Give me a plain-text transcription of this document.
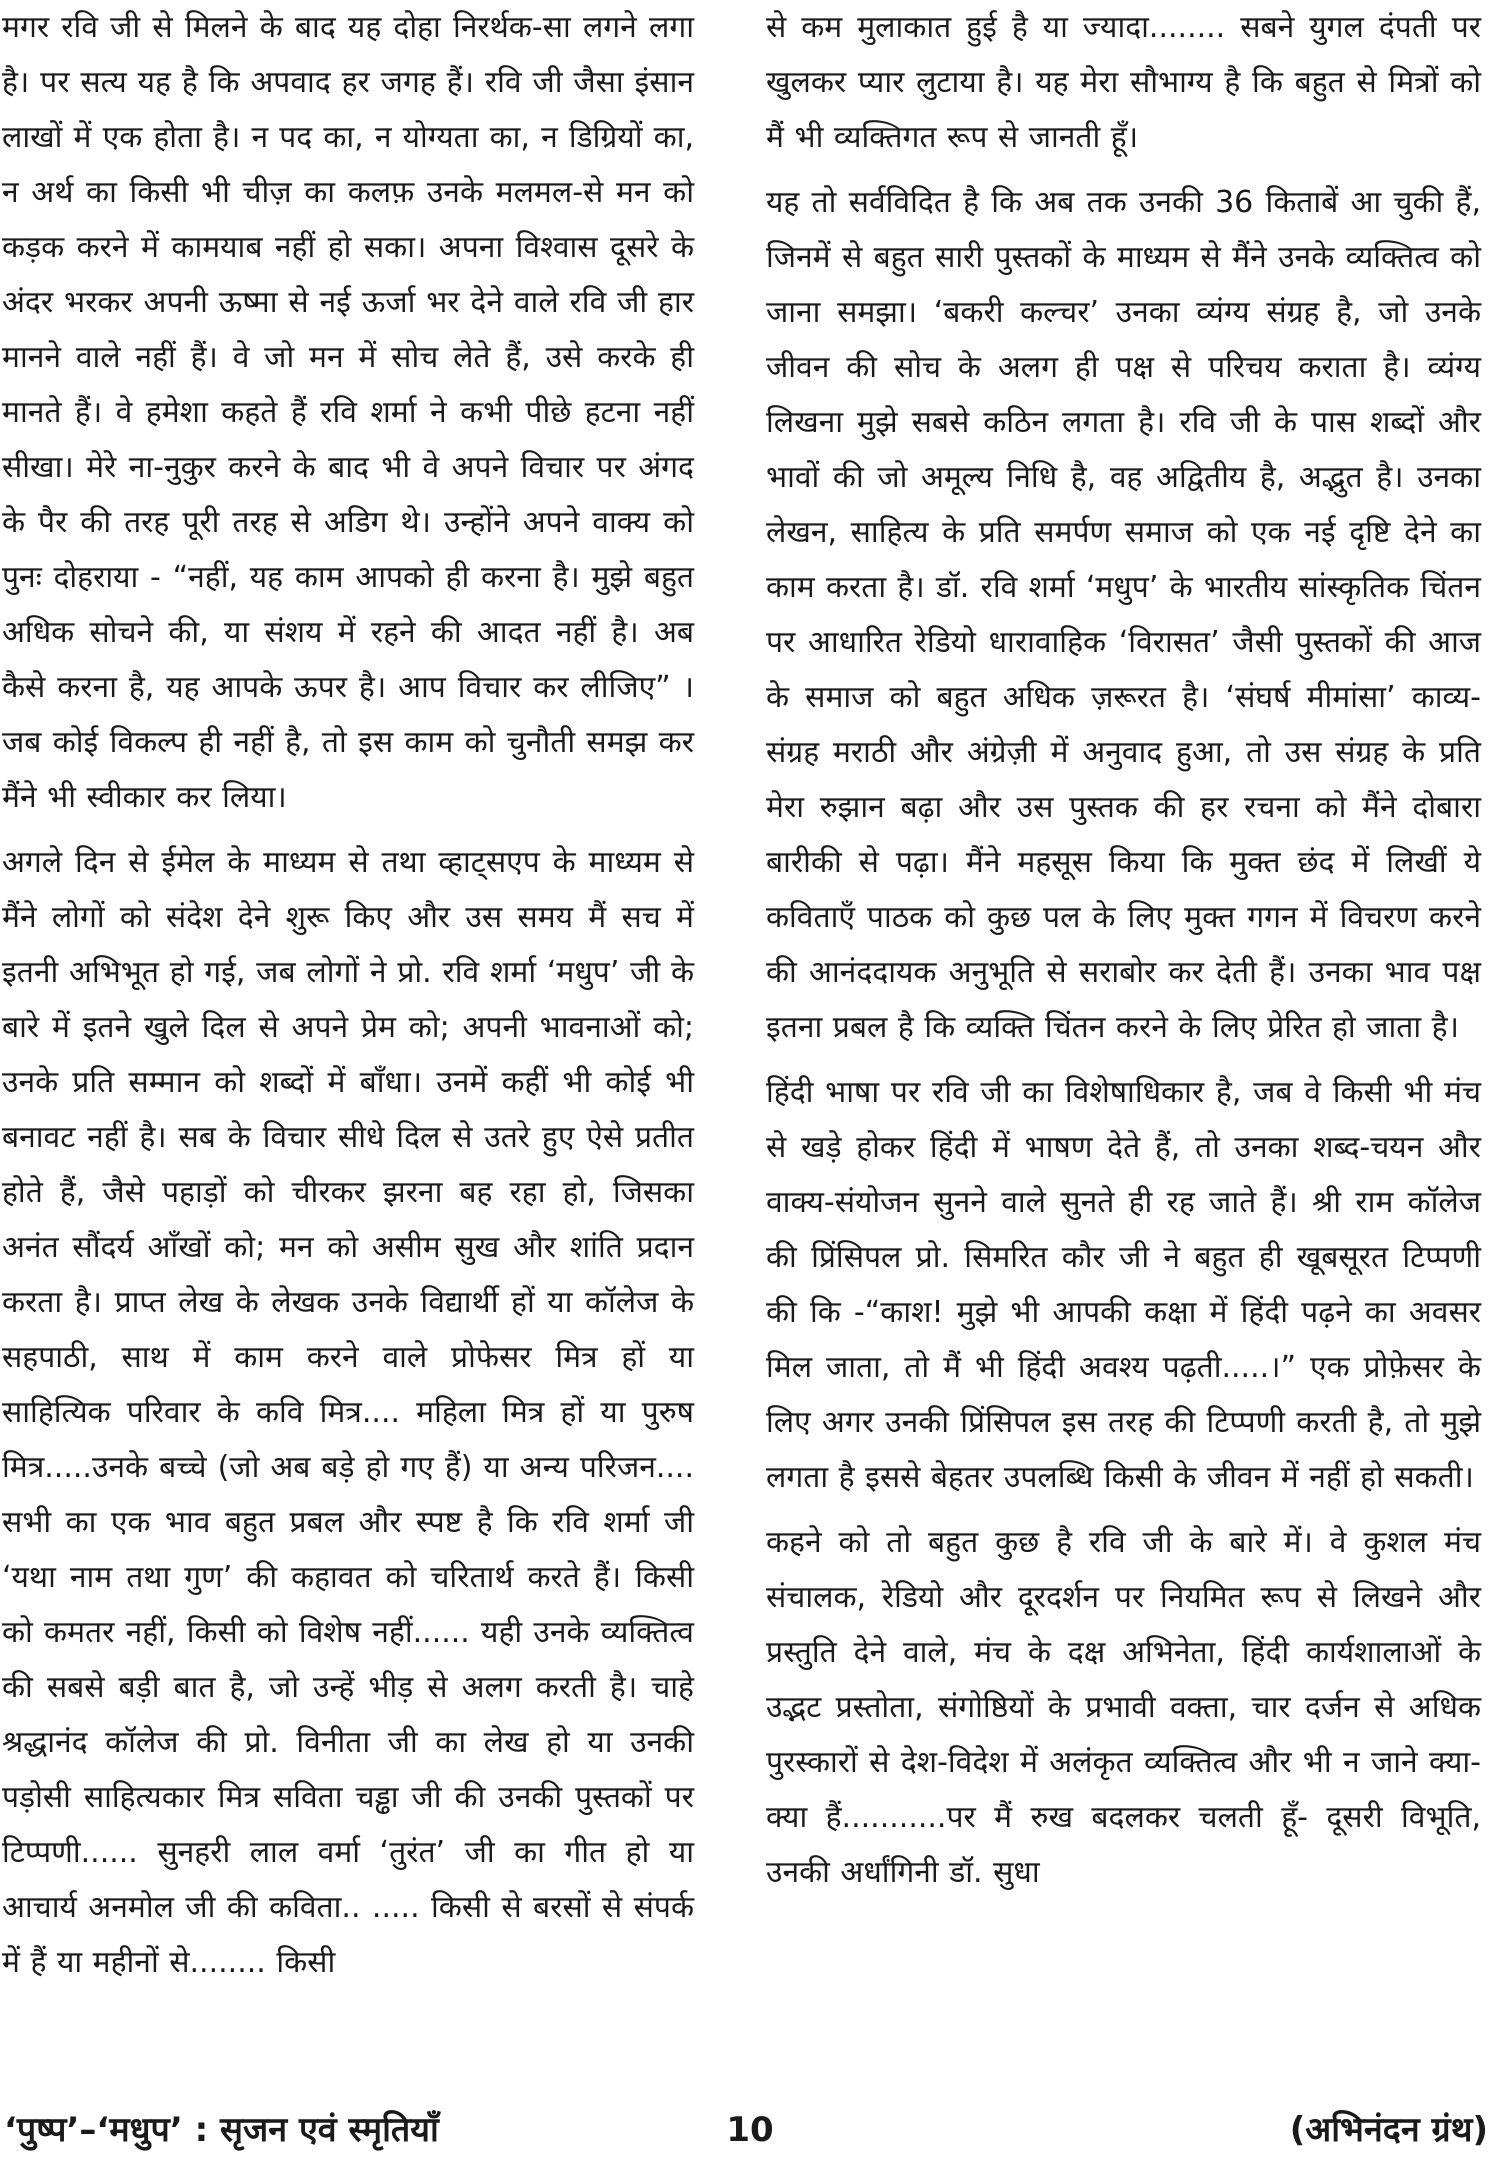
मगर रवि जी से मिलने के बाद यह दोहा निरर्थक-सा लगने लगा है। पर सत्य यह है कि अपवाद हर जगह हैं। रवि जी जैसा इंसान लाखों में एक होता है। न पद का, न योग्यता का, न डिग्रियों का, न अर्थ का किसी भी चीज़ का कलफ़ उनके मलमल-से मन को कड़क करने में कामयाब नहीं हो सका। अपना विश्वास दूसरे के अंदर भरकर अपनी ऊष्मा से नई ऊर्जा भर देने वाले रवि जी हार मानने वाले नहीं हैं। वे जो मन में सोच लेते हैं, उसे करके ही मानते हैं। वे हमेशा कहते हैं रवि शर्मा ने कभी पीछे हटना नहीं सीखा। मेरे ना-नुकुर करने के बाद भी वे अपने विचार पर अंगद के पैर की तरह पूरी तरह से अडिग थे। उन्होंने अपने वाक्य को पुनः दोहराया - “नहीं, यह काम आपको ही करना है। मुझे बहुत अधिक सोचने की, या संशय में रहने की आदत नहीं है। अब कैसे करना है, यह आपके ऊपर है। आप विचार कर लीजिए” । जब कोई विकल्प ही नहीं है, तो इस काम को चुनौती समझ कर मैंने भी स्वीकार कर लिया।

अगले दिन से ईमेल के माध्यम से तथा व्हाट्सएप के माध्यम से मैंने लोगों को संदेश देने शुरू किए और उस समय मैं सच में इतनी अभिभूत हो गई, जब लोगों ने प्रो. रवि शर्मा ‘मधुप’ जी के बारे में इतने खुले दिल से अपने प्रेम को; अपनी भावनाओं को; उनके प्रति सम्मान को शब्दों में बाँधा। उनमें कहीं भी कोई भी बनावट नहीं है। सब के विचार सीधे दिल से उतरे हुए ऐसे प्रतीत होते हैं, जैसे पहाड़ों को चीरकर झरना बह रहा हो, जिसका अनंत सौंदर्य आँखों को; मन को असीम सुख और शांति प्रदान करता है। प्राप्त लेख के लेखक उनके विद्यार्थी हों या कॉलेज के सहपाठी, साथ में काम करने वाले प्रोफेसर मित्र हों या साहित्यिक परिवार के कवि मित्र.... महिला मित्र हों या पुरुष मित्र.....उनके बच्चे (जो अब बड़े हो गए हैं) या अन्य परिजन.... सभी का एक भाव बहुत प्रबल और स्पष्ट है कि रवि शर्मा जी ‘यथा नाम तथा गुण’ की कहावत को चरितार्थ करते हैं। किसी को कमतर नहीं, किसी को विशेष नहीं...... यही उनके व्यक्तित्व की सबसे बड़ी बात है, जो उन्हें भीड़ से अलग करती है। चाहे श्रद्धानंद कॉलेज की प्रो. विनीता जी का लेख हो या उनकी पड़ोसी साहित्यकार मित्र सविता चड्ढा जी की उनकी पुस्तकों पर टिप्पणी...... सुनहरी लाल वर्मा ‘तुरंत’ जी का गीत हो या आचार्य अनमोल जी की कविता.. ..... किसी से बरसों से संपर्क में हैं या महीनों से........ किसी

से कम मुलाकात हुई है या ज्यादा........ सबने युगल दंपती पर खुलकर प्यार लुटाया है। यह मेरा सौभाग्य है कि बहुत से मित्रों को मैं भी व्यक्तिगत रूप से जानती हूँ।

यह तो सर्वविदित है कि अब तक उनकी 36 किताबें आ चुकी हैं, जिनमें से बहुत सारी पुस्तकों के माध्यम से मैंने उनके व्यक्तित्व को जाना समझा। ‘बकरी कल्चर’ उनका व्यंग्य संग्रह है, जो उनके जीवन की सोच के अलग ही पक्ष से परिचय कराता है। व्यंग्य लिखना मुझे सबसे कठिन लगता है। रवि जी के पास शब्दों और भावों की जो अमूल्य निधि है, वह अद्वितीय है, अद्भुत है। उनका लेखन, साहित्य के प्रति समर्पण समाज को एक नई दृष्टि देने का काम करता है। डॉ. रवि शर्मा ‘मधुप’ के भारतीय सांस्कृतिक चिंतन पर आधारित रेडियो धारावाहिक ‘विरासत’ जैसी पुस्तकों की आज के समाज को बहुत अधिक ज़रूरत है। ‘संघर्ष मीमांसा’ काव्य-संग्रह मराठी और अंग्रेज़ी में अनुवाद हुआ, तो उस संग्रह के प्रति मेरा रुझान बढ़ा और उस पुस्तक की हर रचना को मैंने दोबारा बारीकी से पढ़ा। मैंने महसूस किया कि मुक्त छंद में लिखीं ये कविताएँ पाठक को कुछ पल के लिए मुक्त गगन में विचरण करने की आनंददायक अनुभूति से सराबोर कर देती हैं। उनका भाव पक्ष इतना प्रबल है कि व्यक्ति चिंतन करने के लिए प्रेरित हो जाता है।

हिंदी भाषा पर रवि जी का विशेषाधिकार है, जब वे किसी भी मंच से खड़े होकर हिंदी में भाषण देते हैं, तो उनका शब्द-चयन और वाक्य-संयोजन सुनने वाले सुनते ही रह जाते हैं। श्री राम कॉलेज की प्रिंसिपल प्रो. सिमरित कौर जी ने बहुत ही खूबसूरत टिप्पणी की कि -“काश! मुझे भी आपकी कक्षा में हिंदी पढ़ने का अवसर मिल जाता, तो मैं भी हिंदी अवश्य पढ़ती.....।” एक प्रोफ़ेसर के लिए अगर उनकी प्रिंसिपल इस तरह की टिप्पणी करती है, तो मुझे लगता है इससे बेहतर उपलब्धि किसी के जीवन में नहीं हो सकती।

कहने को तो बहुत कुछ है रवि जी के बारे में। वे कुशल मंच संचालक, रेडियो और दूरदर्शन पर नियमित रूप से लिखने और प्रस्तुति देने वाले, मंच के दक्ष अभिनेता, हिंदी कार्यशालाओं के उद्भट प्रस्तोता, संगोष्ठियों के प्रभावी वक्ता, चार दर्जन से अधिक पुरस्कारों से देश-विदेश में अलंकृत व्यक्तित्व और भी न जाने क्या-क्या हैं...........पर मैं रुख बदलकर चलती हूँ- दूसरी विभूति, उनकी अर्धांगिनी डॉ. सुधा

‘पुष्प’–‘मधुप’ : सृजन एवं स्मृतियाँ	10	(अभिनंदन ग्रंथ)
